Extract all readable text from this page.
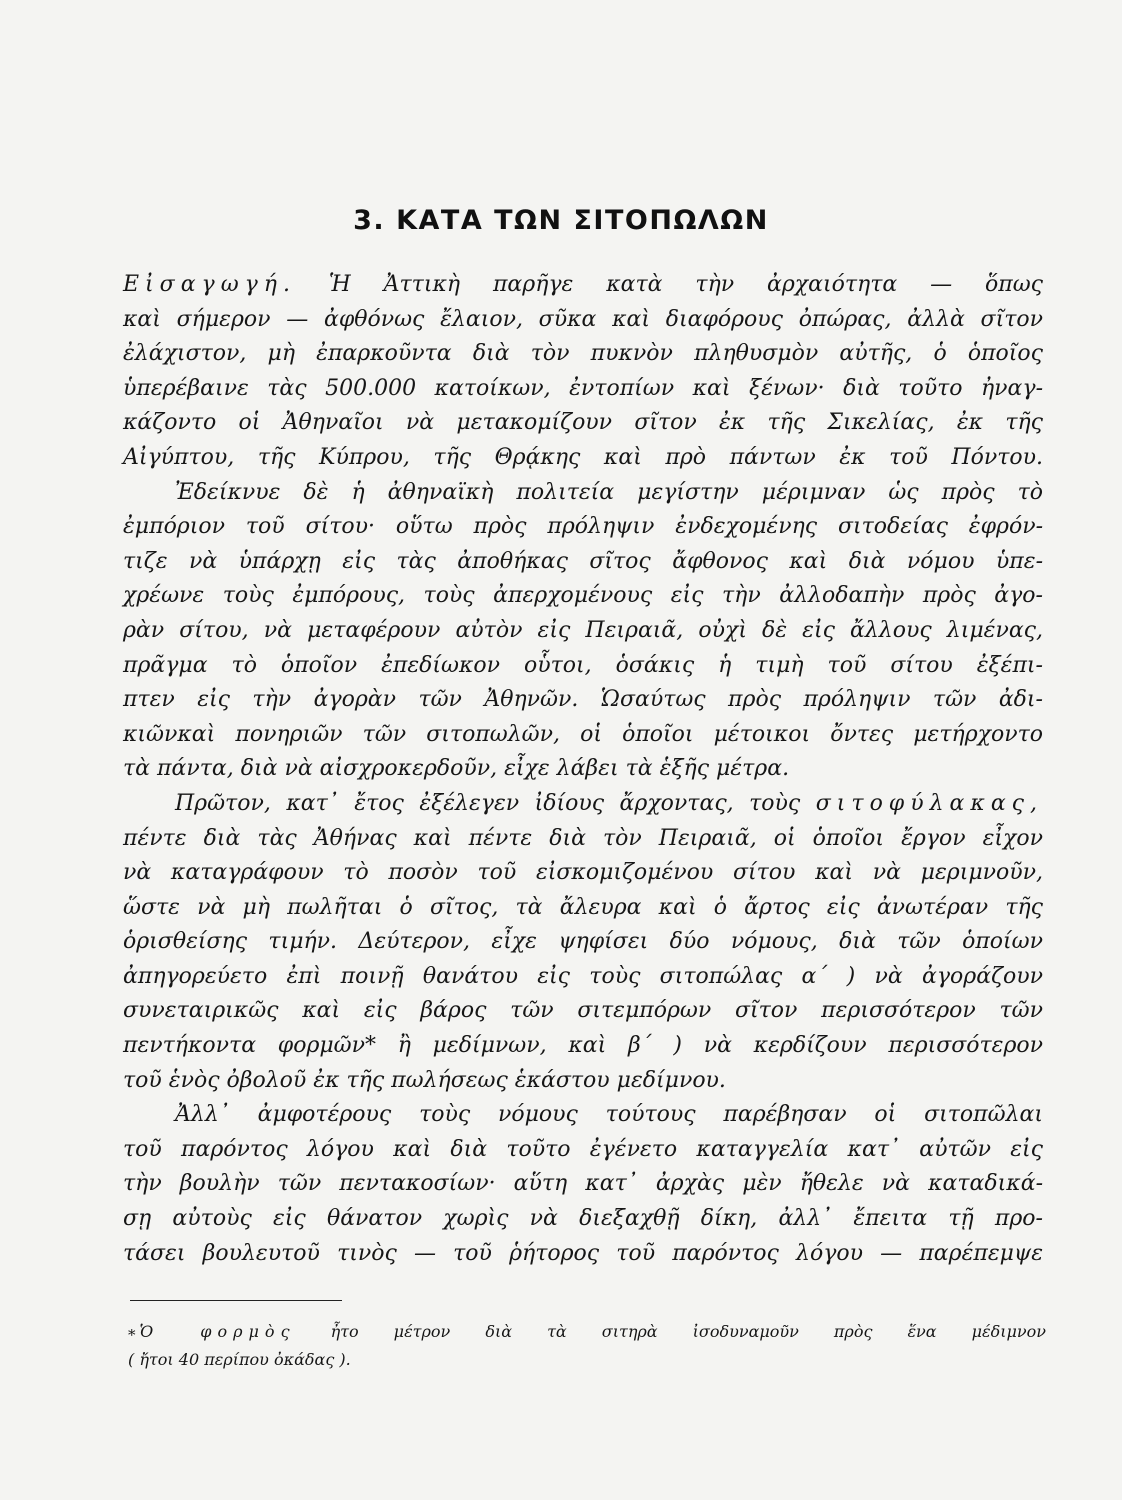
3. ΚΑΤΑ ΤΩΝ ΣΙΤΟΠΩΛΩΝ
Εἰσαγωγή. Ἡ Ἀττικὴ παρῆγε κατὰ τὴν ἀρχαιότητα — ὅπως
καὶ σήμερον — ἀφθόνως ἔλαιον, σῦκα καὶ διαφόρους ὀπώρας, ἀλλὰ σῖτον
ἐλάχιστον, μὴ ἐπαρκοῦντα διὰ τὸν πυκνὸν πληθυσμὸν αὐτῆς, ὁ ὁποῖος
ὑπερέβαινε τὰς 500.000 κατοίκων, ἐντοπίων καὶ ξένων· διὰ τοῦτο ἠναγ-
κάζοντο οἱ Ἀθηναῖοι νὰ μετακομίζουν σῖτον ἐκ τῆς Σικελίας, ἐκ τῆς
Αἰγύπτου, τῆς Κύπρου, τῆς Θρᾴκης καὶ πρὸ πάντων ἐκ τοῦ Πόντου.
Ἐδείκνυε δὲ ἡ ἀθηναϊκὴ πολιτεία μεγίστην μέριμναν ὡς πρὸς τὸ
ἐμπόριον τοῦ σίτου· οὕτω πρὸς πρόληψιν ἐνδεχομένης σιτοδείας ἐφρόν-
τιζε νὰ ὑπάρχῃ εἰς τὰς ἀποθήκας σῖτος ἄφθονος καὶ διὰ νόμου ὑπε-
χρέωνε τοὺς ἐμπόρους, τοὺς ἀπερχομένους εἰς τὴν ἀλλοδαπὴν πρὸς ἀγο-
ρὰν σίτου, νὰ μεταφέρουν αὐτὸν εἰς Πειραιᾶ, οὐχὶ δὲ εἰς ἄλλους λιμένας,
πρᾶγμα τὸ ὁποῖον ἐπεδίωκον οὗτοι, ὁσάκις ἡ τιμὴ τοῦ σίτου ἐξέπι-
πτεν εἰς τὴν ἀγορὰν τῶν Ἀθηνῶν. Ὡσαύτως πρὸς πρόληψιν τῶν ἀδι-
κιῶνκαὶ πονηριῶν τῶν σιτοπωλῶν, οἱ ὁποῖοι μέτοικοι ὄντες μετήρχοντο
τὰ πάντα, διὰ νὰ αἰσχροκερδοῦν, εἶχε λάβει τὰ ἑξῆς μέτρα.
Πρῶτον, κατ᾽ ἔτος ἐξέλεγεν ἰδίους ἄρχοντας, τοὺς σιτοφύλακας,
πέντε διὰ τὰς Ἀθήνας καὶ πέντε διὰ τὸν Πειραιᾶ, οἱ ὁποῖοι ἔργον εἶχον
νὰ καταγράφουν τὸ ποσὸν τοῦ εἰσκομιζομένου σίτου καὶ νὰ μεριμνοῦν,
ὥστε νὰ μὴ πωλῆται ὁ σῖτος, τὰ ἄλευρα καὶ ὁ ἄρτος εἰς ἀνωτέραν τῆς
ὁρισθείσης τιμήν. Δεύτερον, εἶχε ψηφίσει δύο νόμους, διὰ τῶν ὁποίων
ἀπηγορεύετο ἐπὶ ποινῇ θανάτου εἰς τοὺς σιτοπώλας α΄ ) νὰ ἀγοράζουν
συνεταιρικῶς καὶ εἰς βάρος τῶν σιτεμπόρων σῖτον περισσότερον τῶν
πεντήκοντα φορμῶν* ἢ μεδίμνων, καὶ β΄ ) νὰ κερδίζουν περισσότερον
τοῦ ἑνὸς ὀβολοῦ ἐκ τῆς πωλήσεως ἑκάστου μεδίμνου.
Ἀλλ᾽ ἀμφοτέρους τοὺς νόμους τούτους παρέβησαν οἱ σιτοπῶλαι
τοῦ παρόντος λόγου καὶ διὰ τοῦτο ἐγένετο καταγγελία κατ᾽ αὐτῶν εἰς
τὴν βουλὴν τῶν πεντακοσίων· αὕτη κατ᾽ ἀρχὰς μὲν ἤθελε νὰ καταδικά-
σῃ αὐτοὺς εἰς θάνατον χωρὶς νὰ διεξαχθῇ δίκη, ἀλλ᾽ ἔπειτα τῇ προ-
τάσει βουλευτοῦ τινὸς — τοῦ ῥήτορος τοῦ παρόντος λόγου — παρέπεμψε
* Ὁ φορμὸς ἦτο μέτρον διὰ τὰ σιτηρὰ ἰσοδυναμοῦν πρὸς ἕνα μέδιμνον
( ἤτοι 40 περίπου ὀκάδας ).
